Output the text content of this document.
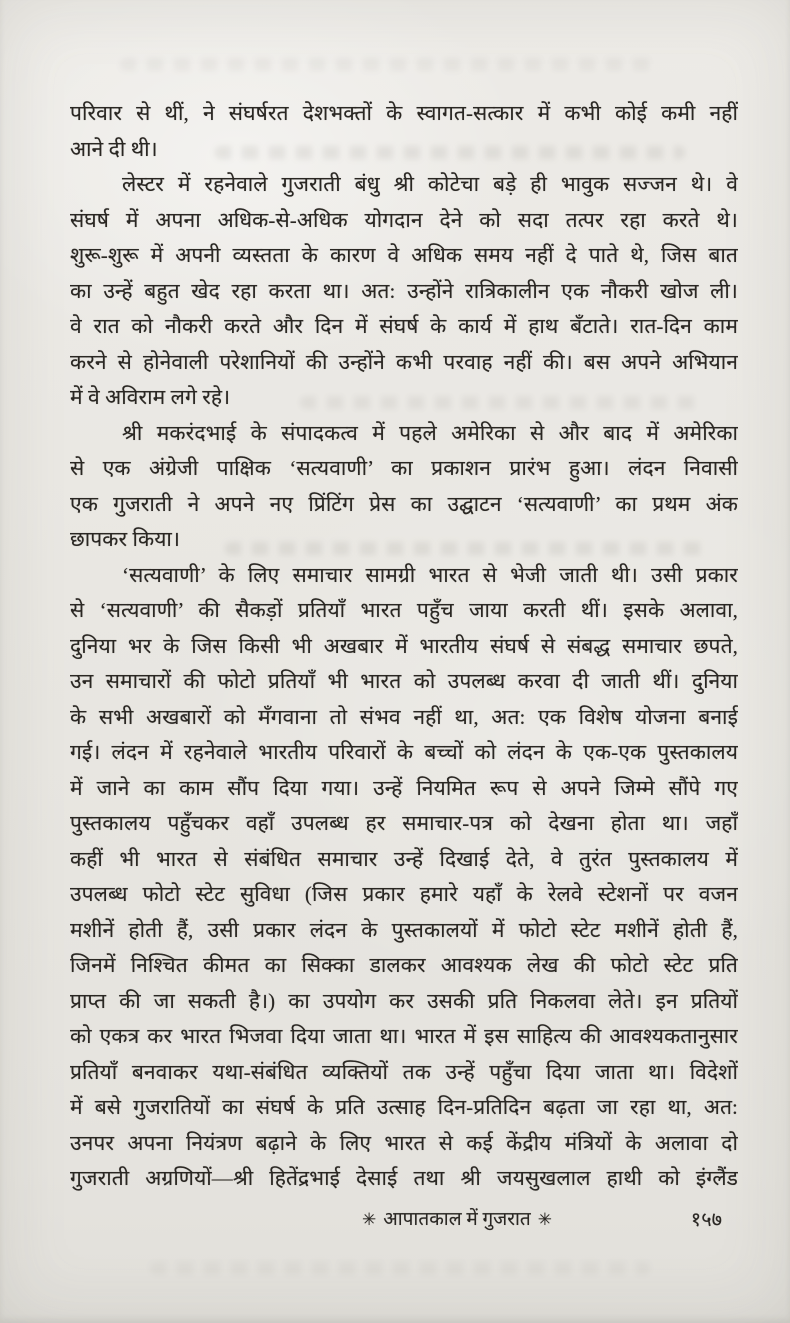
परिवार से थीं, ने संघर्षरत देशभक्तों के स्वागत-सत्कार में कभी कोई कमी नहीं
आने दी थी।
लेस्टर में रहनेवाले गुजराती बंधु श्री कोटेचा बड़े ही भावुक सज्जन थे। वे
संघर्ष में अपना अधिक-से-अधिक योगदान देने को सदा तत्पर रहा करते थे।
शुरू-शुरू में अपनी व्यस्तता के कारण वे अधिक समय नहीं दे पाते थे, जिस बात
का उन्हें बहुत खेद रहा करता था। अत: उन्होंने रात्रिकालीन एक नौकरी खोज ली।
वे रात को नौकरी करते और दिन में संघर्ष के कार्य में हाथ बँटाते। रात-दिन काम
करने से होनेवाली परेशानियों की उन्होंने कभी परवाह नहीं की। बस अपने अभियान
में वे अविराम लगे रहे।
श्री मकरंदभाई के संपादकत्व में पहले अमेरिका से और बाद में अमेरिका
से एक अंग्रेजी पाक्षिक ‘सत्यवाणी’ का प्रकाशन प्रारंभ हुआ। लंदन निवासी
एक गुजराती ने अपने नए प्रिंटिंग प्रेस का उद्घाटन ‘सत्यवाणी’ का प्रथम अंक
छापकर किया।
‘सत्यवाणी’ के लिए समाचार सामग्री भारत से भेजी जाती थी। उसी प्रकार
से ‘सत्यवाणी’ की सैकड़ों प्रतियाँ भारत पहुँच जाया करती थीं। इसके अलावा,
दुनिया भर के जिस किसी भी अखबार में भारतीय संघर्ष से संबद्ध समाचार छपते,
उन समाचारों की फोटो प्रतियाँ भी भारत को उपलब्ध करवा दी जाती थीं। दुनिया
के सभी अखबारों को मँगवाना तो संभव नहीं था, अत: एक विशेष योजना बनाई
गई। लंदन में रहनेवाले भारतीय परिवारों के बच्चों को लंदन के एक-एक पुस्तकालय
में जाने का काम सौंप दिया गया। उन्हें नियमित रूप से अपने जिम्मे सौंपे गए
पुस्तकालय पहुँचकर वहाँ उपलब्ध हर समाचार-पत्र को देखना होता था। जहाँ
कहीं भी भारत से संबंधित समाचार उन्हें दिखाई देते, वे तुरंत पुस्तकालय में
उपलब्ध फोटो स्टेट सुविधा (जिस प्रकार हमारे यहाँ के रेलवे स्टेशनों पर वजन
मशीनें होती हैं, उसी प्रकार लंदन के पुस्तकालयों में फोटो स्टेट मशीनें होती हैं,
जिनमें निश्चित कीमत का सिक्का डालकर आवश्यक लेख की फोटो स्टेट प्रति
प्राप्त की जा सकती है।) का उपयोग कर उसकी प्रति निकलवा लेते। इन प्रतियों
को एकत्र कर भारत भिजवा दिया जाता था। भारत में इस साहित्य की आवश्यकतानुसार
प्रतियाँ बनवाकर यथा-संबंधित व्यक्तियों तक उन्हें पहुँचा दिया जाता था। विदेशों
में बसे गुजरातियों का संघर्ष के प्रति उत्साह दिन-प्रतिदिन बढ़ता जा रहा था, अत:
उनपर अपना नियंत्रण बढ़ाने के लिए भारत से कई केंद्रीय मंत्रियों के अलावा दो
गुजराती अग्रणियों—श्री हितेंद्रभाई देसाई तथा श्री जयसुखलाल हाथी को इंग्लैंड
✳ आपातकाल में गुजरात ✳	१५७
